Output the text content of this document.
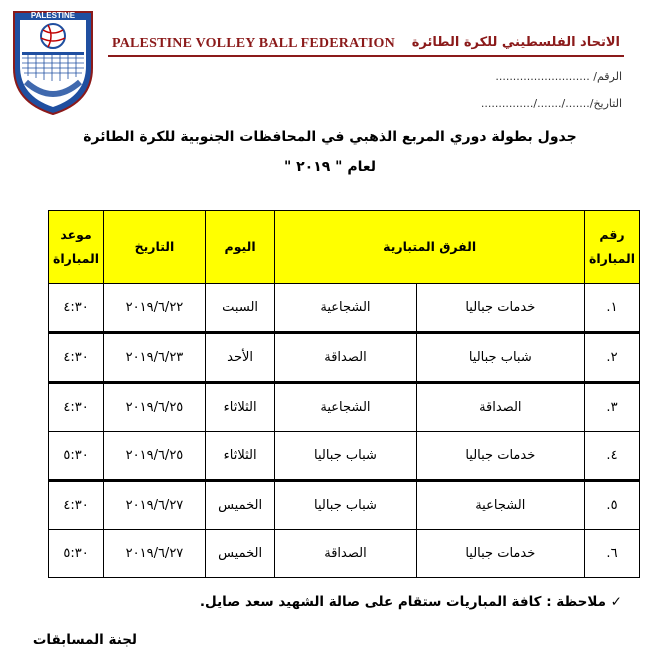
PALESTINE
PALESTINE VOLLEY BALL FEDERATION الاتحاد الفلسطيني للكرة الطائرة
الرقم/ ...........................
التاريخ/......./......./...............
جدول بطولة دوري المربع الذهبي في المحافظات الجنوبية للكرة الطائرة
لعام " ٢٠١٩ "
رقم المباراة	الفرق المتبارية		اليوم	التاريخ	موعد المباراة
١.	خدمات جباليا	الشجاعية	السبت	٢٠١٩/٦/٢٢	٤:٣٠
٢.	شباب جباليا	الصداقة	الأحد	٢٠١٩/٦/٢٣	٤:٣٠
٣.	الصداقة	الشجاعية	الثلاثاء	٢٠١٩/٦/٢٥	٤:٣٠
٤.	خدمات جباليا	شباب جباليا	الثلاثاء	٢٠١٩/٦/٢٥	٥:٣٠
٥.	الشجاعية	شباب جباليا	الخميس	٢٠١٩/٦/٢٧	٤:٣٠
٦.	خدمات جباليا	الصداقة	الخميس	٢٠١٩/٦/٢٧	٥:٣٠
✓ ملاحظة : كافة المباريات ستقام على صالة الشهيد سعد صايل.
لجنة المسابقات
